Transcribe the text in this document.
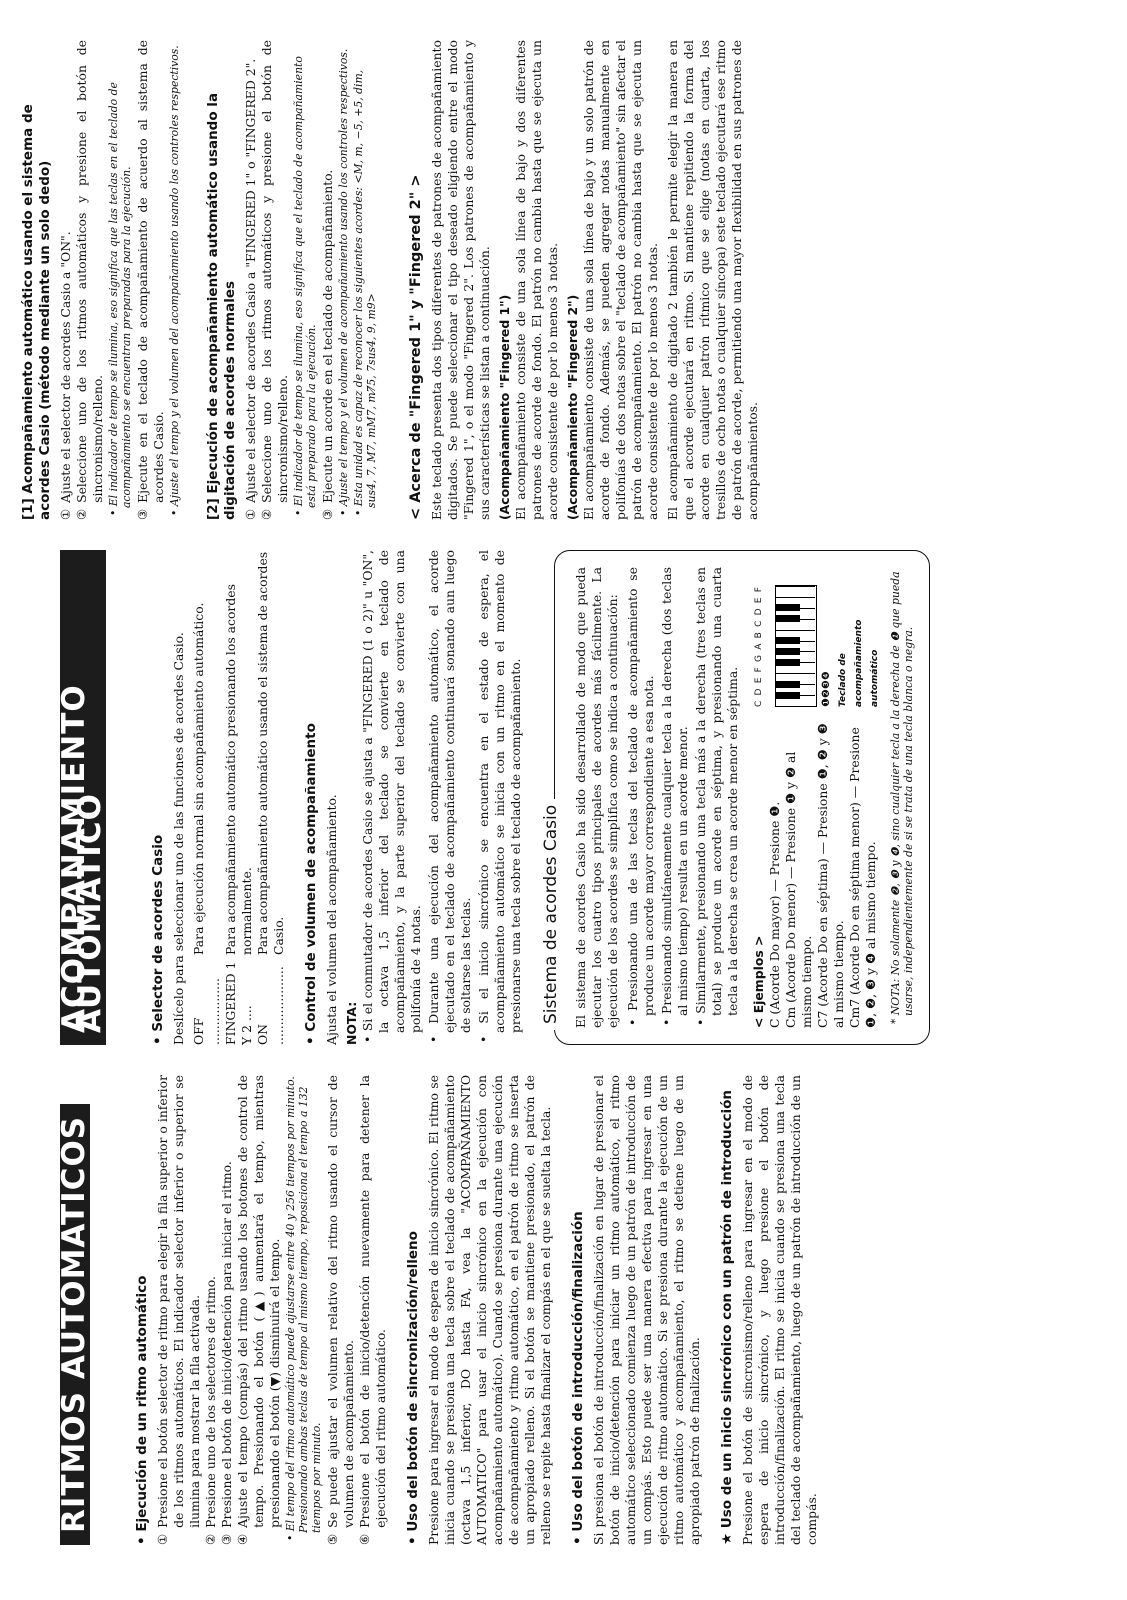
RITMOS AUTOMATICOS	• Ejecución de un ritmo automático ①
Presione el botón selector de ritmo para elegir la fila superior o inferior de los ritmos automáticos. El indicador selector inferior o superior se ilumina para mostrar la fila activada.
②
Presione uno de los selectores de ritmo.
③
Presione el botón de inicio/detención para iniciar el ritmo.
④
Ajuste el tempo (compás) del ritmo usando los botones de control de tempo. Presionando el botón (▲) aumentará el tempo, mientras presionando el botón (▼) disminuirá el tempo. • El tempo del ritmo automático puede ajustarse entre 40 y 256 tiempos por minuto. Presionando ambas teclas de tempo al mismo tiempo, reposiciona el tempo a 132 tiempos por minuto.
⑤
Se puede ajustar el volumen relativo del ritmo usando el cursor de volumen de acompañamiento.
⑥
Presione el botón de inicio/detención nuevamente para detener la ejecución del ritmo automático. • Uso del botón de sincronización/relleno Presione para ingresar el modo de espera de inicio sincrónico. El ritmo se inicia cuando se presiona una tecla sobre el teclado de acompañamiento (octava 1,5 inferior, DO hasta FA, vea la "ACOMPAÑAMIENTO AUTOMATICO" para usar el inicio sincrónico en la ejecución con acompañamiento automático). Cuando se presiona durante una ejecución de acompañamiento y ritmo automático, en el patrón de ritmo se inserta un apropiado relleno. Si el botón se mantiene presionado, el patrón de relleno se repite hasta finalizar el compás en el que se suelta la tecla. • Uso del botón de introducción/finalización Si presiona el botón de introducción/finalización en lugar de presionar el botón de inicio/detención para iniciar un ritmo automático, el ritmo automático seleccionado comienza luego de un patrón de introducción de un compás. Esto puede ser una manera efectiva para ingresar en una ejecución de ritmo automático. Si se presiona durante la ejecución de un ritmo automático y acompañamiento, el ritmo se detiene luego de un apropiado patrón de finalización. ★ Uso de un inicio sincrónico con un patrón de introducción Presione el botón de sincronismo/relleno para ingresar en el modo de espera de inicio sincrónico, y luego presione el botón de introducción/finalización. El ritmo se inicia cuando se presiona una tecla del teclado de acompañamiento, luego de un patrón de introducción de un compás.

ACOMPAÑAMIENTO AUTOMATICO	• Selector de acordes Casio Deslícelo para seleccionar uno de las funciones de acordes Casio. OFF .................
Para ejecución normal sin acompañamiento automático.
FINGERED 1 Y 2 ....
Para acompañamiento automático presionando los acordes normalmente.
ON ....................
Para acompañamiento automático usando el sistema de acordes Casio. • Control de volumen de acompañamiento Ajusta el volumen del acompañamiento. NOTA: • Si el conmutador de acordes Casio se ajusta a "FINGERED (1 o 2)" u "ON", la octava 1,5 inferior del teclado se convierte en teclado de acompañamiento, y la parte superior del teclado se convierte con una polifonía de 4 notas. • Durante una ejecución del acompañamiento automático, el acorde ejecutado en el teclado de acompañamiento continuará sonando aun luego de soltarse las teclas. • Si el inicio sincrónico se encuentra en el estado de espera, el acompañamiento automático se inicia con un ritmo en el momento de presionarse una tecla sobre el teclado de acompañamiento. Sistema de acordes Casio El sistema de acordes Casio ha sido desarrollado de modo que pueda ejecutar los cuatro tipos principales de acordes más fácilmente. La ejecución de los acordes se simplifica como se indica a continuación: • Presionando una de las teclas del teclado de acompañamiento se produce un acorde mayor correspondiente a esa nota. • Presionando simultáneamente cualquier tecla a la derecha (dos teclas al mismo tiempo) resulta en un acorde menor. • Similarmente, presionando una tecla más a la derecha (tres teclas en total) se produce un acorde en séptima, y presionando una cuarta tecla a la derecha se crea un acorde menor en séptima. < Ejemplos > C (Acorde Do mayor) — Presione ❶. Cm (Acorde Do menor) — Presione ❶ y ❷ al mismo tiempo. C7 (Acorde Do en séptima) — Presione ❶, ❷ y ❸ al mismo tiempo. Cm7 (Acorde Do en séptima menor) — Presione ❶, ❷, ❸ y ❹ al mismo tiempo.
C
D
E
F
G
A
B
C
D
E
F
❶❷❸❹ Teclado de acompañamiento automático * NOTA: No solamente ❷, ❸ y ❹, sino cualquier tecla a la derecha de ❶ que pueda usarse, independientemente de si se trata de una tecla blanca o negra.
[1] Acompañamiento automático usando el sistema de acordes Casio (método mediante un solo dedo) ①
Ajuste el selector de acordes Casio a "ON".
②
Seleccione uno de los ritmos automáticos y presione el botón de sincronismo/relleno. • El indicador de tempo se ilumina, eso significa que las teclas en el teclado de acompañamiento se encuentran preparadas para la ejecución.
③
Ejecute en el teclado de acompañamiento de acuerdo al sistema de acordes Casio. • Ajuste el tempo y el volumen del acompañamiento usando los controles respectivos. [2] Ejecución de acompañamiento automático usando la digitación de acordes normales ①
Ajuste el selector de acordes Casio a "FINGERED 1" o "FINGERED 2".
②
Seleccione uno de los ritmos automáticos y presione el botón de sincronismo/relleno. • El indicador de tempo se ilumina, eso significa que el teclado de acompañamiento está preparado para la ejecución.
③
Ejecute un acorde en el teclado de acompañamiento. • Ajuste el tempo y el volumen de acompañamiento usando los controles respectivos. • Esta unidad es capaz de reconocer los siguientes acordes: <M, m, −5, +5, dim, sus4, 7, M7, mM7, m7̸5, 7sus4, 9, m9> < Acerca de "Fingered 1" y "Fingered 2" > Este teclado presenta dos tipos diferentes de patrones de acompañamiento digitados. Se puede seleccionar el tipo deseado eligiendo entre el modo "Fingered 1", o el modo "Fingered 2". Los patrones de acompañamiento y sus características se listan a continuación. (Acompañamiento "Fingered 1") El acompañamiento consiste de una sola línea de bajo y dos diferentes patrones de acorde de fondo. El patrón no cambia hasta que se ejecuta un acorde consistente de por lo menos 3 notas. (Acompañamiento "Fingered 2") El acompañamiento consiste de una sola línea de bajo y un solo patrón de acorde de fondo. Además, se pueden agregar notas manualmente en polifonías de dos notas sobre el "teclado de acompañamiento" sin afectar el patrón de acompañamiento. El patrón no cambia hasta que se ejecuta un acorde consistente de por lo menos 3 notas. El acompañamiento de digitado 2 también le permite elegir la manera en que el acorde ejecutará en ritmo. Si mantiene repitiendo la forma del acorde en cualquier patrón rítmico que se elige (notas en cuarta, los tresillos de ocho notas o cualquier síncopa) este teclado ejecutará ese ritmo de patrón de acorde, permitiendo una mayor flexibilidad en sus patrones de acompañamientos.
